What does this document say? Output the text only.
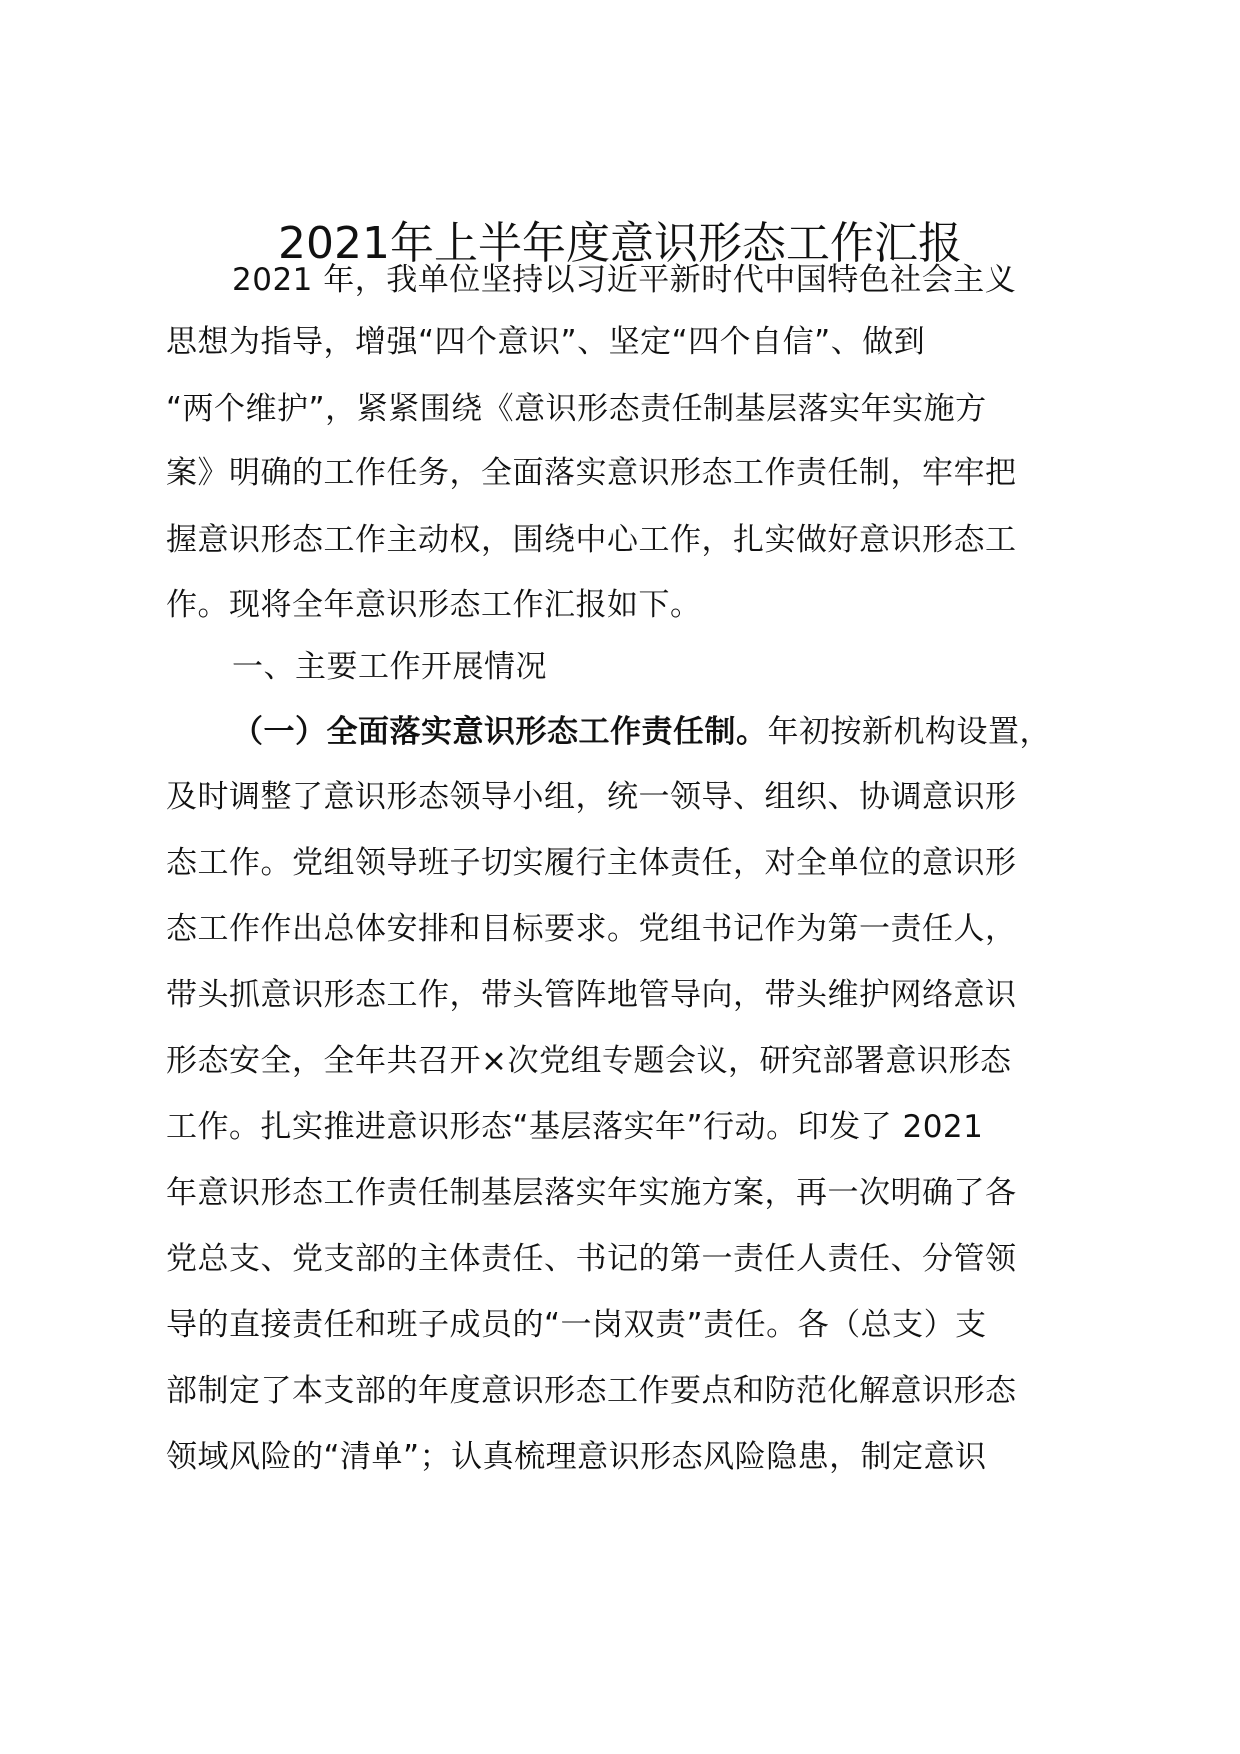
2021年上半年度意识形态工作汇报
2021 年，我单位坚持以习近平新时代中国特色社会主义
思想为指导，增强“四个意识”、坚定“四个自信”、做到
“两个维护”，紧紧围绕《意识形态责任制基层落实年实施方
案》明确的工作任务，全面落实意识形态工作责任制，牢牢把
握意识形态工作主动权，围绕中心工作，扎实做好意识形态工
作。现将全年意识形态工作汇报如下。
一、主要工作开展情况
（一）全面落实意识形态工作责任制。年初按新机构设置，
及时调整了意识形态领导小组，统一领导、组织、协调意识形
态工作。党组领导班子切实履行主体责任，对全单位的意识形
态工作作出总体安排和目标要求。党组书记作为第一责任人，
带头抓意识形态工作，带头管阵地管导向，带头维护网络意识
形态安全，全年共召开×次党组专题会议，研究部署意识形态
工作。扎实推进意识形态“基层落实年”行动。印发了 2021
年意识形态工作责任制基层落实年实施方案，再一次明确了各
党总支、党支部的主体责任、书记的第一责任人责任、分管领
导的直接责任和班子成员的“一岗双责”责任。各（总支）支
部制定了本支部的年度意识形态工作要点和防范化解意识形态
领域风险的“清单”；认真梳理意识形态风险隐患，制定意识
